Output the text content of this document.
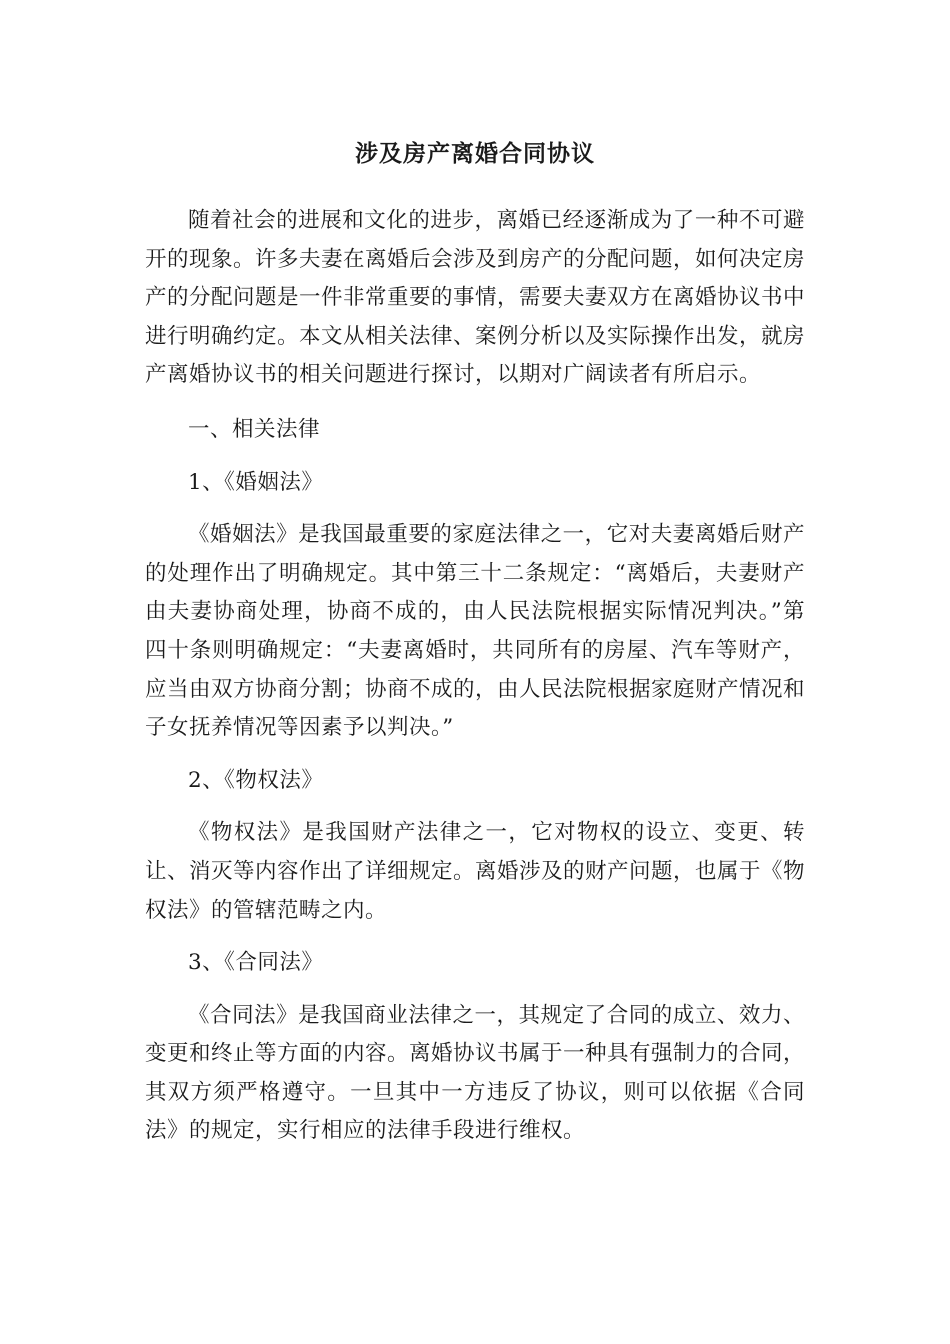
涉及房产离婚合同协议

随着社会的进展和文化的进步，离婚已经逐渐成为了一种不可避开的现象。许多夫妻在离婚后会涉及到房产的分配问题，如何决定房产的分配问题是一件非常重要的事情，需要夫妻双方在离婚协议书中进行明确约定。本文从相关法律、案例分析以及实际操作出发，就房产离婚协议书的相关问题进行探讨，以期对广阔读者有所启示。

一、相关法律

1、《婚姻法》

《婚姻法》是我国最重要的家庭法律之一，它对夫妻离婚后财产的处理作出了明确规定。其中第三十二条规定：“离婚后，夫妻财产由夫妻协商处理，协商不成的，由人民法院根据实际情况判决。”第四十条则明确规定：“夫妻离婚时，共同所有的房屋、汽车等财产，应当由双方协商分割；协商不成的，由人民法院根据家庭财产情况和子女抚养情况等因素予以判决。”

2、《物权法》

《物权法》是我国财产法律之一，它对物权的设立、变更、转让、消灭等内容作出了详细规定。离婚涉及的财产问题，也属于《物权法》的管辖范畴之内。

3、《合同法》

《合同法》是我国商业法律之一，其规定了合同的成立、效力、变更和终止等方面的内容。离婚协议书属于一种具有强制力的合同，其双方须严格遵守。一旦其中一方违反了协议，则可以依据《合同法》的规定，实行相应的法律手段进行维权。
